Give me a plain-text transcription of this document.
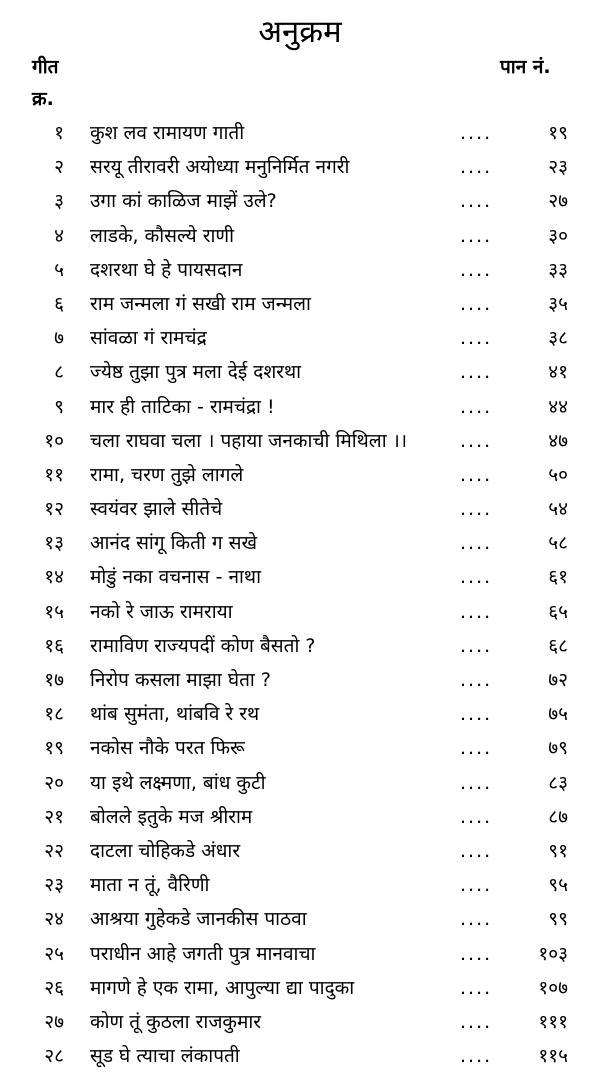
अनुक्रम
गीत
क्र.
पान नं.
१ कुश लव रामायण गाती	....	१९
२ सरयू तीरावरी अयोध्या मनुनिर्मित नगरी	....	२३
३ उगा कां काळिज माझें उले?	....	२७
४ लाडके, कौसल्ये राणी	....	३०
५ दशरथा घे हे पायसदान	....	३३
६ राम जन्मला गं सखी राम जन्मला	....	३५
७ सांवळा गं रामचंद्र	....	३८
८ ज्येष्ठ तुझा पुत्र मला देई दशरथा	....	४१
९ मार ही ताटिका - रामचंद्रा !	....	४४
१० चला राघवा चला । पहाया जनकाची मिथिला ।।	....	४७
११ रामा, चरण तुझे लागले	....	५०
१२ स्वयंवर झाले सीतेचे	....	५४
१३ आनंद सांगू किती ग सखे	....	५८
१४ मोडुं नका वचनास - नाथा	....	६१
१५ नको रे जाऊ रामराया	....	६५
१६ रामाविण राज्यपदीं कोण बैसतो ?	....	६८
१७ निरोप कसला माझा घेता ?	....	७२
१८ थांब सुमंता, थांबवि रे रथ	....	७५
१९ नकोस नौके परत फिरू	....	७९
२० या इथे लक्ष्मणा, बांध कुटी	....	८३
२१ बोलले इतुके मज श्रीराम	....	८७
२२ दाटला चोहिकडे अंधार	....	९१
२३ माता न तूं, वैरिणी	....	९५
२४ आश्रया गुहेकडे जानकीस पाठवा	....	९९
२५ पराधीन आहे जगती पुत्र मानवाचा	....	१०३
२६ मागणे हे एक रामा, आपुल्या द्या पादुका	....	१०७
२७ कोण तूं कुठला राजकुमार	....	१११
२८ सूड घे त्याचा लंकापती	....	११५
